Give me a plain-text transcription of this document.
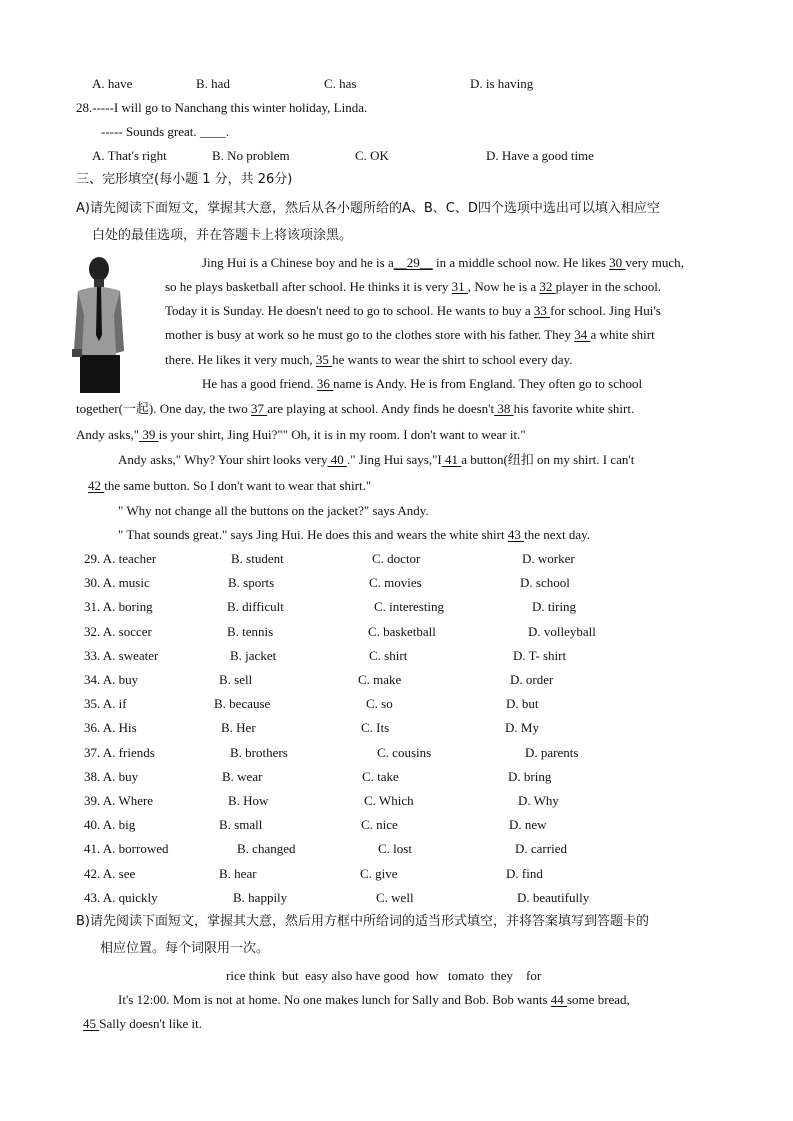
A. have	B. had	C. has	D. is having
28.-----I will go to Nanchang this winter holiday, Linda.
----- Sounds great. ____.
A. That's right	B. No problem	C. OK	D. Have a good time
三、完形填空(每小题 1 分，共 26分)
A)请先阅读下面短文，掌握其大意，然后从各小题所给的A、B、C、D四个选项中选出可以填入相应空
白处的最佳选项，并在答题卡上将该项涂黑。
Jing Hui is a Chinese boy and he is a__29__ in a middle school now. He likes 30 very much,
so he plays basketball after school. He thinks it is very 31 , Now he is a 32 player in the school.
Today it is Sunday. He doesn't need to go to school. He wants to buy a 33 for school. Jing Hui's
mother is busy at work so he must go to the clothes store with his father. They 34 a white shirt
there. He likes it very much, 35 he wants to wear the shirt to school every day.
He has a good friend. 36 name is Andy. He is from England. They often go to school
together(一起). One day, the two 37 are playing at school. Andy finds he doesn't 38 his favorite white shirt.
Andy asks," 39 is your shirt, Jing Hui?"" Oh, it is in my room. I don't want to wear it."
Andy asks," Why? Your shirt looks very 40 ." Jing Hui says,"I 41 a button(纽扣 on my shirt. I can't
42 the same button. So I don't want to wear that shirt."
" Why not change all the buttons on the jacket?" says Andy.
" That sounds great." says Jing Hui. He does this and wears the white shirt 43 the next day.
29. A. teacher	B. student	C. doctor	D. worker
30. A. music	B. sports	C. movies	D. school
31. A. boring	B. difficult	C. interesting	D. tiring
32. A. soccer	B. tennis	C. basketball	D. volleyball
33. A. sweater	B. jacket	C. shirt	D. T- shirt
34. A. buy	B. sell	C. make	D. order
35. A. if	B. because	C. so	D. but
36. A. His	B. Her	C. Its	D. My
37. A. friends	B. brothers	C. cousins	D. parents
38. A. buy	B. wear	C. take	D. bring
39. A. Where	B. How	C. Which	D. Why
40. A. big	B. small	C. nice	D. new
41. A. borrowed	B. changed	C. lost	D. carried
42. A. see	B. hear	C. give	D. find
43. A. quickly	B. happily	C. well	D. beautifully
B)请先阅读下面短文，掌握其大意，然后用方框中所给词的适当形式填空，并将答案填写到答题卡的
相应位置。每个词限用一次。
rice think  but  easy also have good  how   tomato  they    for
It's 12:00. Mom is not at home. No one makes lunch for Sally and Bob. Bob wants 44 some bread,
45 Sally doesn't like it.
